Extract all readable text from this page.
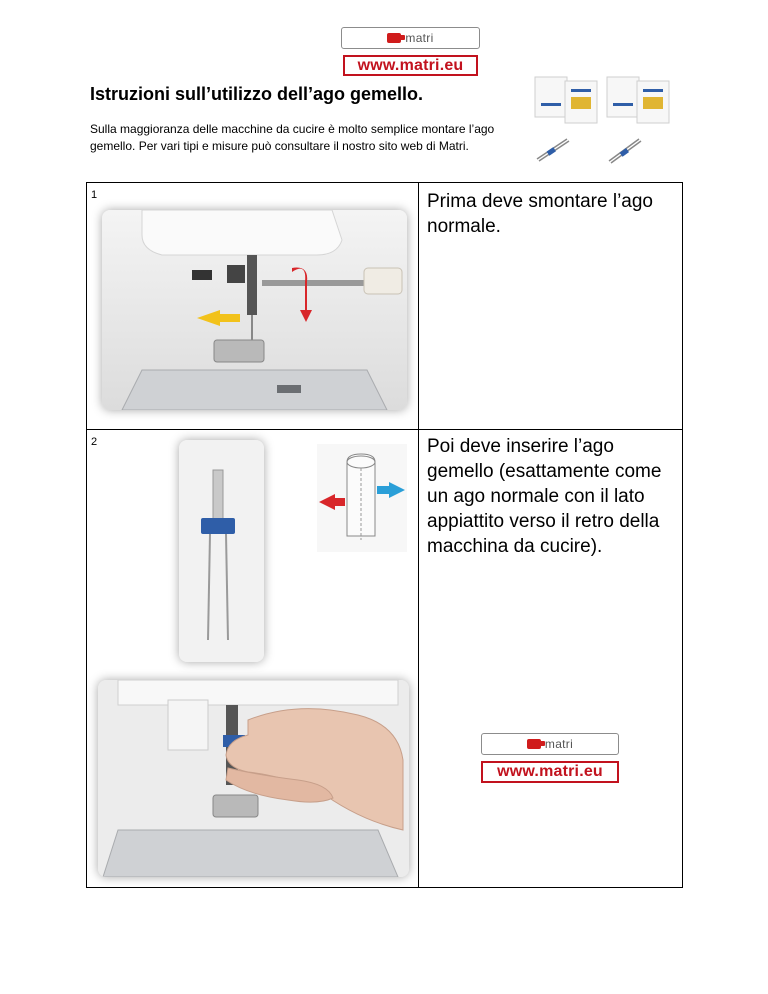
matri
www.matri.eu
Istruzioni sull’utilizzo dell’ago gemello.
Sulla maggioranza delle macchine da cucire è molto semplice montare l’ago gemello. Per vari tipi e misure può consultare il nostro sito web di Matri.
1	Prima deve smontare l’ago normale.
2	Poi deve inserire l’ago gemello (esattamente come un ago normale con il lato appiattito verso il retro della macchina da cucire).
matri
www.matri.eu
